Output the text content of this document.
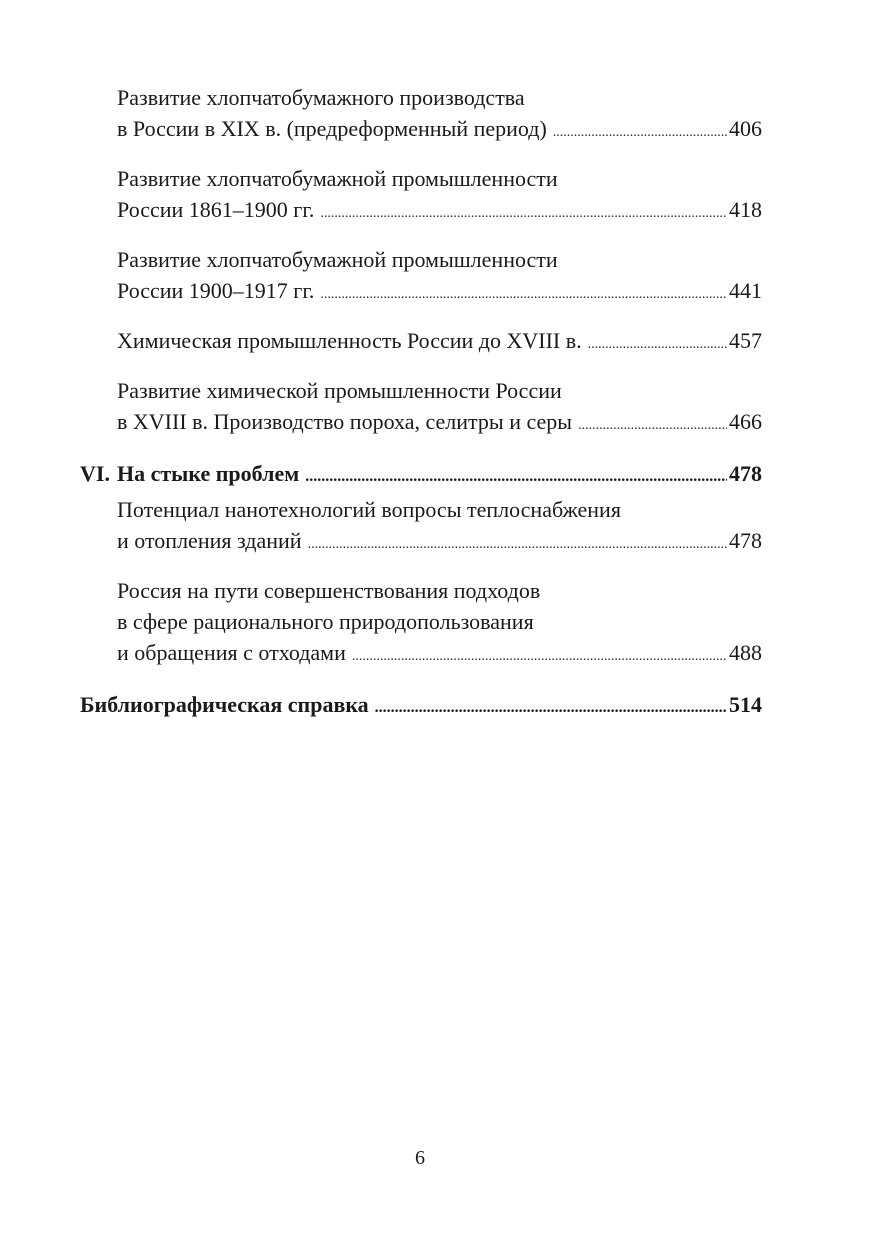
Развитие хлопчатобумажного производства
в России в XIX в. (предреформенный период) .....	406
Развитие хлопчатобумажной промышленности
России 1861–1900 гг. .....	418
Развитие хлопчатобумажной промышленности
России 1900–1917 гг. .....	441
Химическая промышленность России до XVIII в. .....	457
Развитие химической промышленности России
в XVIII в. Производство пороха, селитры и серы .....	466
VI. На стыке проблем .....	478
Потенциал нанотехнологий вопросы теплоснабжения
и отопления зданий .....	478
Россия на пути совершенствования подходов
в сфере рационального природопользования
и обращения с отходами .....	488
Библиографическая справка .....	514
6
